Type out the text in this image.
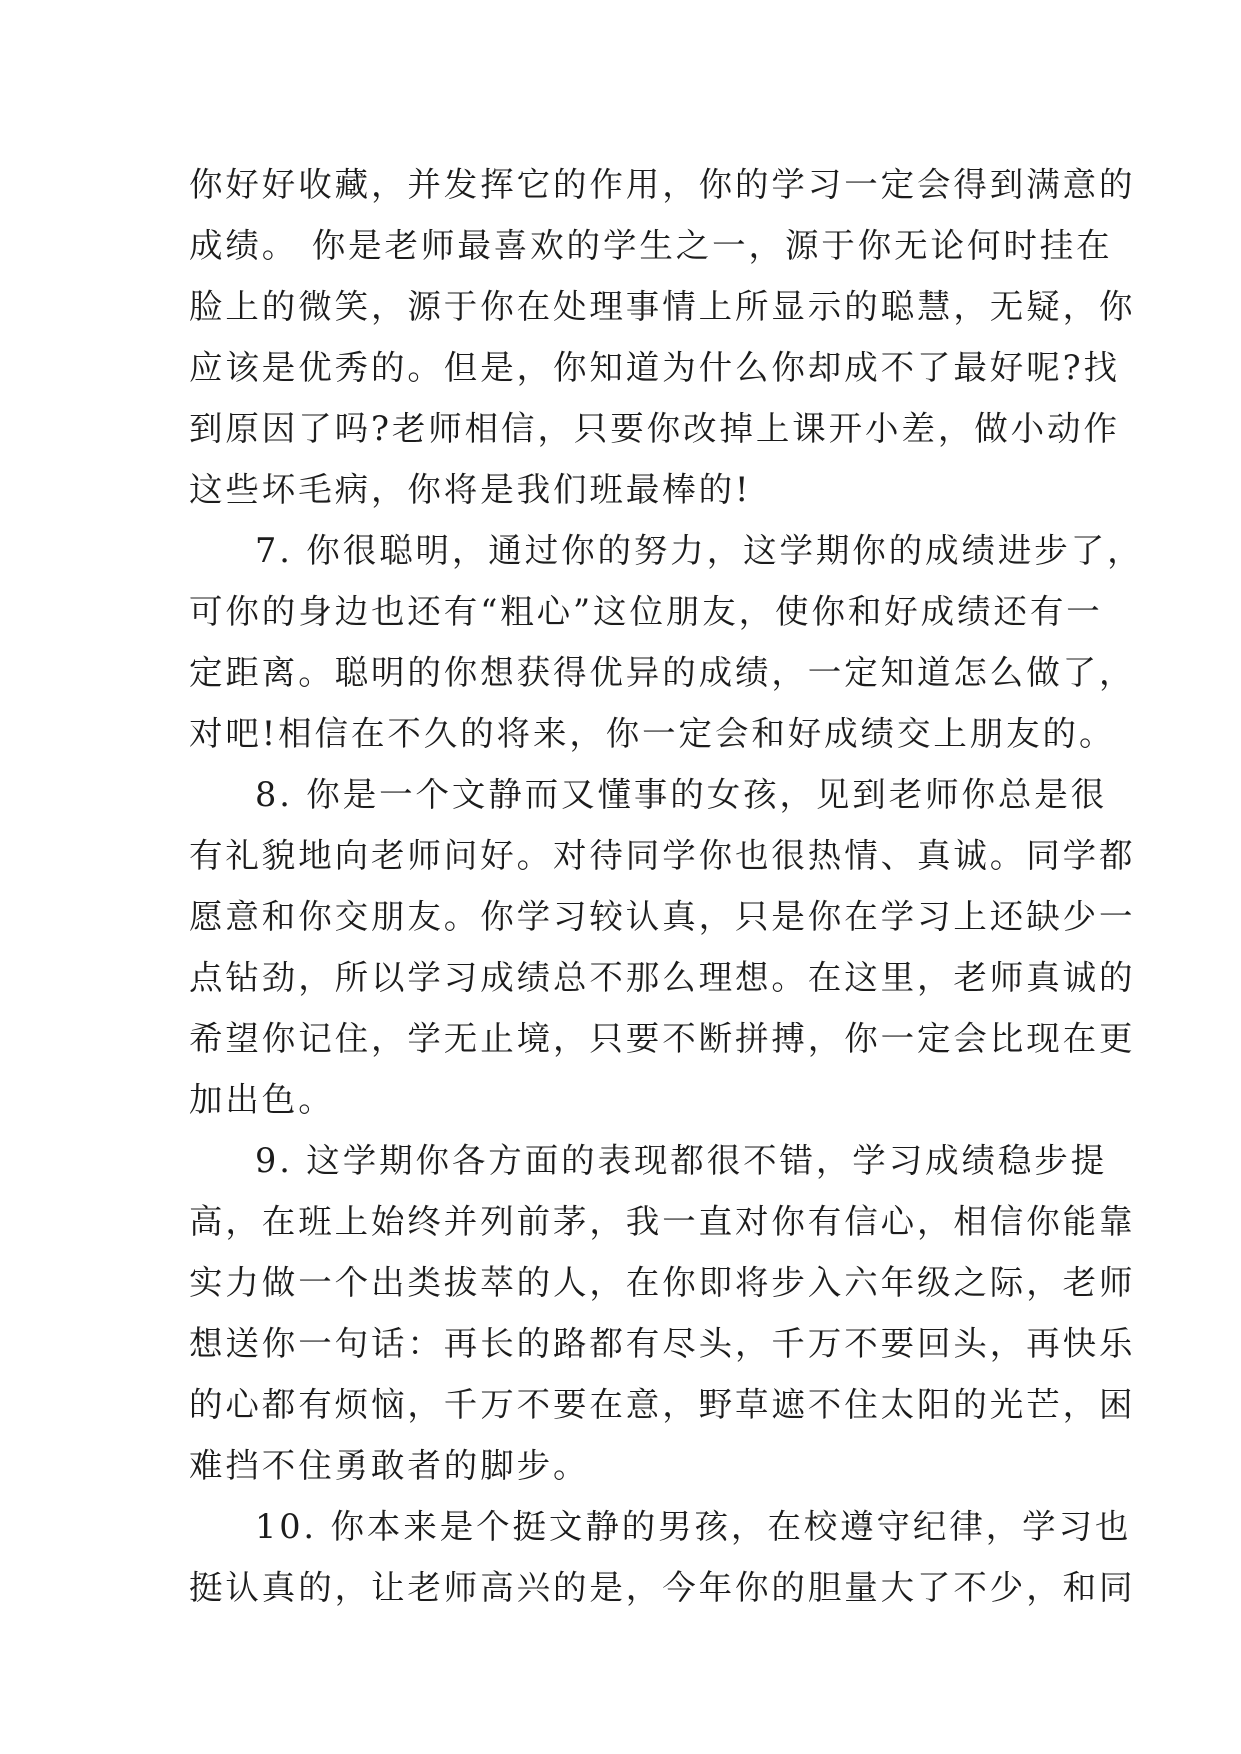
你好好收藏，并发挥它的作用，你的学习一定会得到满意的
成绩。 你是老师最喜欢的学生之一，源于你无论何时挂在
脸上的微笑，源于你在处理事情上所显示的聪慧，无疑，你
应该是优秀的。但是，你知道为什么你却成不了最好呢?找
到原因了吗?老师相信，只要你改掉上课开小差，做小动作
这些坏毛病，你将是我们班最棒的!
7. 你很聪明，通过你的努力，这学期你的成绩进步了，
可你的身边也还有“粗心”这位朋友，使你和好成绩还有一
定距离。聪明的你想获得优异的成绩，一定知道怎么做了，
对吧!相信在不久的将来，你一定会和好成绩交上朋友的。
8. 你是一个文静而又懂事的女孩，见到老师你总是很
有礼貌地向老师问好。对待同学你也很热情、真诚。同学都
愿意和你交朋友。你学习较认真，只是你在学习上还缺少一
点钻劲，所以学习成绩总不那么理想。在这里，老师真诚的
希望你记住，学无止境，只要不断拼搏，你一定会比现在更
加出色。
9. 这学期你各方面的表现都很不错，学习成绩稳步提
高，在班上始终并列前茅，我一直对你有信心，相信你能靠
实力做一个出类拔萃的人，在你即将步入六年级之际，老师
想送你一句话：再长的路都有尽头，千万不要回头，再快乐
的心都有烦恼，千万不要在意，野草遮不住太阳的光芒，困
难挡不住勇敢者的脚步。
10. 你本来是个挺文静的男孩，在校遵守纪律，学习也
挺认真的，让老师高兴的是，今年你的胆量大了不少，和同
